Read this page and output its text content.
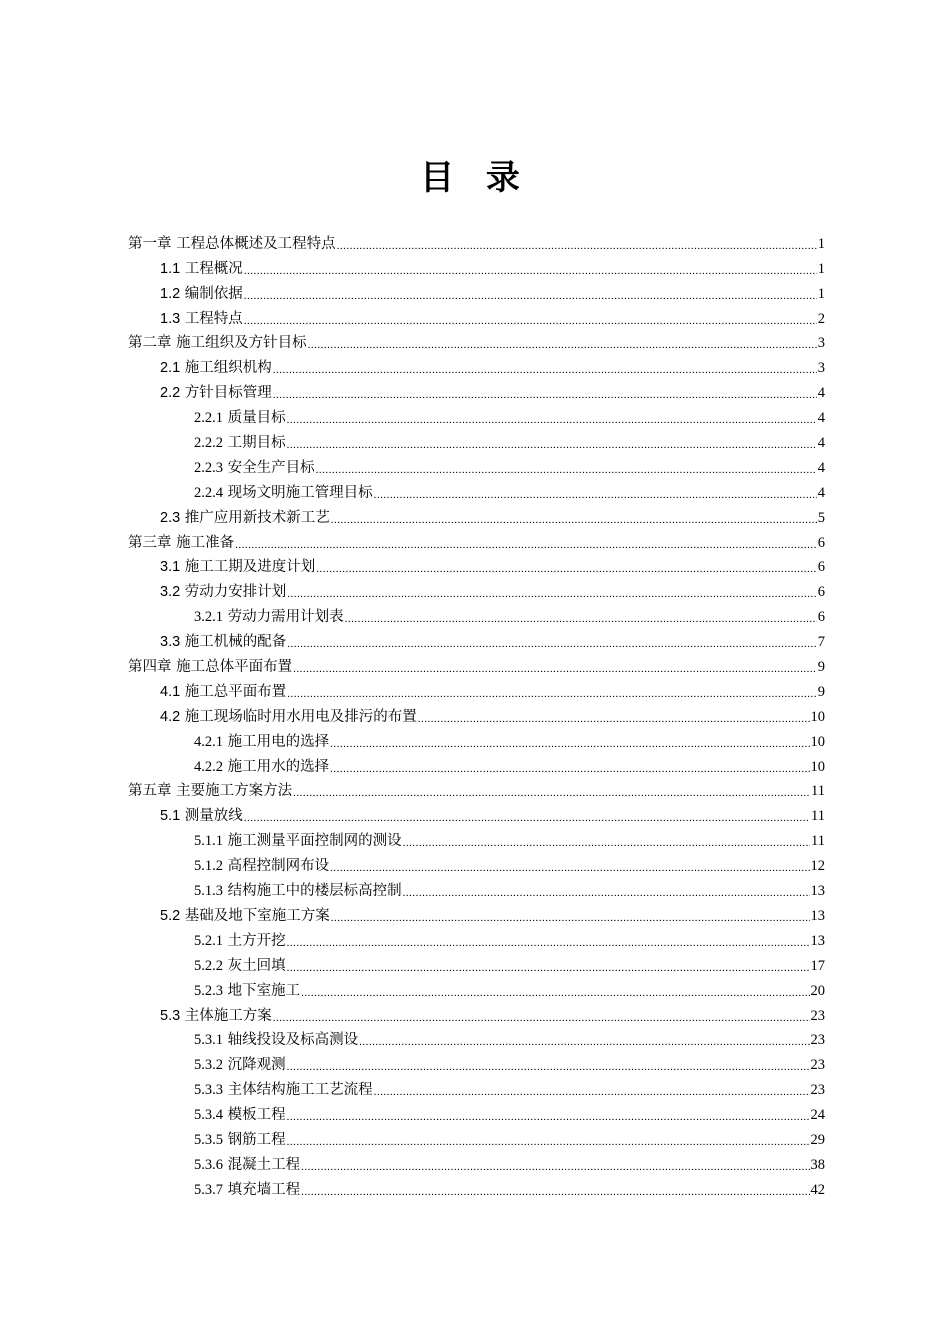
目 录
第一章 工程总体概述及工程特点 .....	1
1.1 工程概况 .....	1
1.2 编制依据 .....	1
1.3 工程特点 .....	2
第二章 施工组织及方针目标 .....	3
2.1 施工组织机构 .....	3
2.2 方针目标管理 .....	4
2.2.1 质量目标 .....	4
2.2.2 工期目标 .....	4
2.2.3 安全生产目标 .....	4
2.2.4 现场文明施工管理目标 .....	4
2.3 推广应用新技术新工艺 .....	5
第三章 施工准备 .....	6
3.1 施工工期及进度计划 .....	6
3.2 劳动力安排计划 .....	6
3.2.1 劳动力需用计划表 .....	6
3.3 施工机械的配备 .....	7
第四章 施工总体平面布置 .....	9
4.1 施工总平面布置 .....	9
4.2 施工现场临时用水用电及排污的布置 .....	10
4.2.1 施工用电的选择 .....	10
4.2.2 施工用水的选择 .....	10
第五章 主要施工方案方法 .....	11
5.1 测量放线 .....	11
5.1.1 施工测量平面控制网的测设 .....	11
5.1.2 高程控制网布设 .....	12
5.1.3 结构施工中的楼层标高控制 .....	13
5.2 基础及地下室施工方案 .....	13
5.2.1 土方开挖 .....	13
5.2.2 灰土回填 .....	17
5.2.3 地下室施工 .....	20
5.3 主体施工方案 .....	23
5.3.1 轴线投设及标高测设 .....	23
5.3.2 沉降观测 .....	23
5.3.3 主体结构施工工艺流程 .....	23
5.3.4 模板工程 .....	24
5.3.5 钢筋工程 .....	29
5.3.6 混凝土工程 .....	38
5.3.7 填充墙工程 .....	42
